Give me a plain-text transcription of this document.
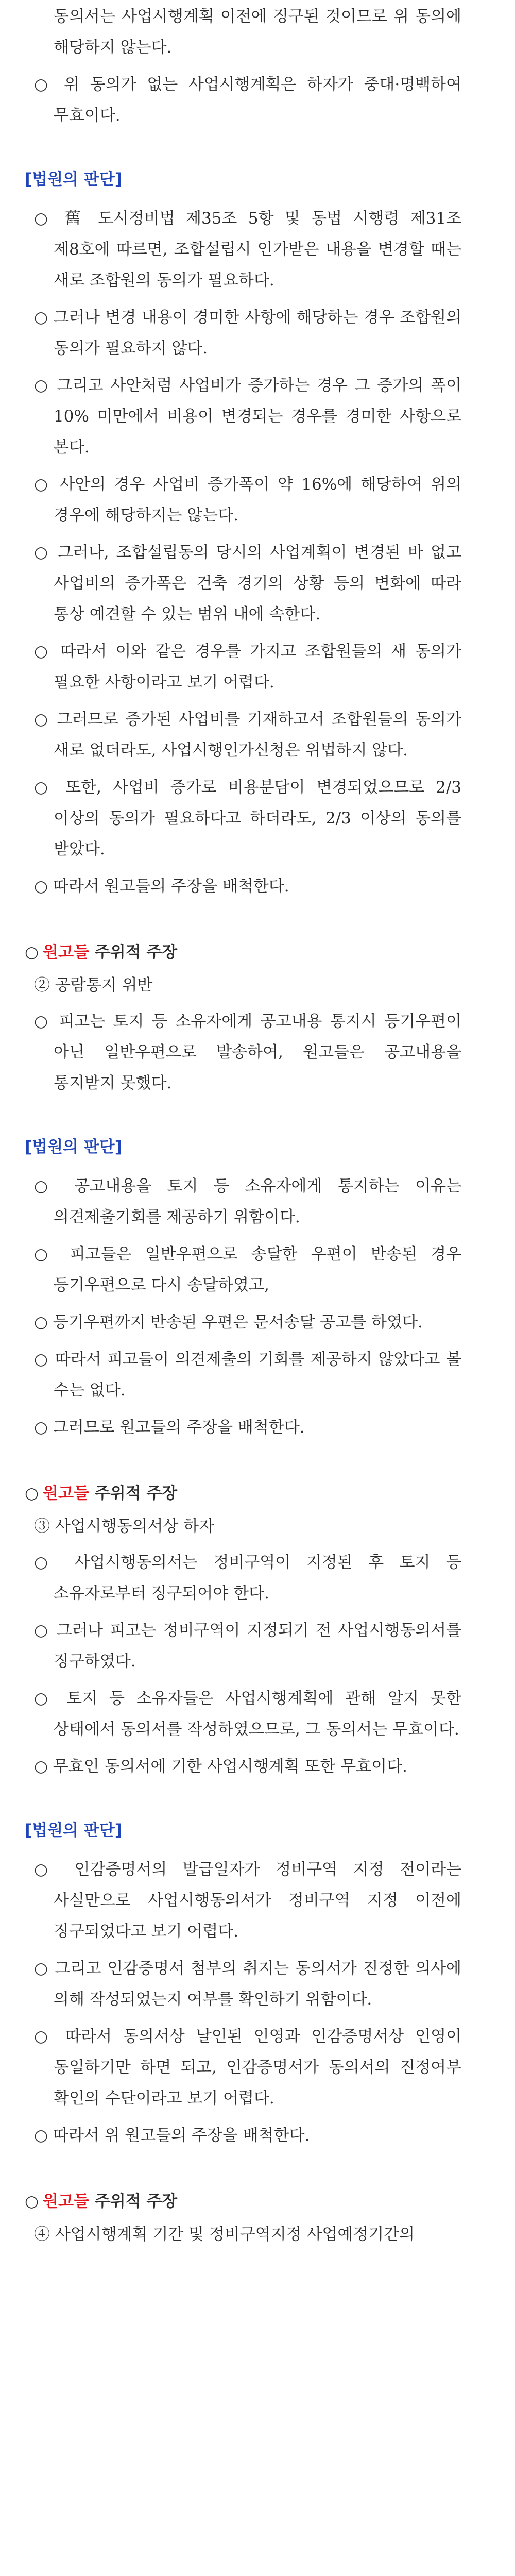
동의서는 사업시행계획 이전에 징구된 것이므로 위 동의에 해당하지 않는다.
○ 위 동의가 없는 사업시행계획은 하자가 중대·명백하여 무효이다.
[법원의 판단]
○ 舊 도시정비법 제35조 5항 및 동법 시행령 제31조 제8호에 따르면, 조합설립시 인가받은 내용을 변경할 때는 새로 조합원의 동의가 필요하다.
○ 그러나 변경 내용이 경미한 사항에 해당하는 경우 조합원의 동의가 필요하지 않다.
○ 그리고 사안처럼 사업비가 증가하는 경우 그 증가의 폭이 10% 미만에서 비용이 변경되는 경우를 경미한 사항으로 본다.
○ 사안의 경우 사업비 증가폭이 약 16%에 해당하여 위의 경우에 해당하지는 않는다.
○ 그러나, 조합설립동의 당시의 사업계획이 변경된 바 없고 사업비의 증가폭은 건축 경기의 상황 등의 변화에 따라 통상 예견할 수 있는 범위 내에 속한다.
○ 따라서 이와 같은 경우를 가지고 조합원들의 새 동의가 필요한 사항이라고 보기 어렵다.
○ 그러므로 증가된 사업비를 기재하고서 조합원들의 동의가 새로 없더라도, 사업시행인가신청은 위법하지 않다.
○ 또한, 사업비 증가로 비용분담이 변경되었으므로 2/3 이상의 동의가 필요하다고 하더라도, 2/3 이상의 동의를 받았다.
○ 따라서 원고들의 주장을 배척한다.
○ 원고들 주위적 주장
② 공람통지 위반
○ 피고는 토지 등 소유자에게 공고내용 통지시 등기우편이 아닌 일반우편으로 발송하여, 원고들은 공고내용을 통지받지 못했다.
[법원의 판단]
○ 공고내용을 토지 등 소유자에게 통지하는 이유는 의견제출기회를 제공하기 위함이다.
○ 피고들은 일반우편으로 송달한 우편이 반송된 경우 등기우편으로 다시 송달하였고,
○ 등기우편까지 반송된 우편은 문서송달 공고를 하였다.
○ 따라서 피고들이 의견제출의 기회를 제공하지 않았다고 볼 수는 없다.
○ 그러므로 원고들의 주장을 배척한다.
○ 원고들 주위적 주장
③ 사업시행동의서상 하자
○ 사업시행동의서는 정비구역이 지정된 후 토지 등 소유자로부터 징구되어야 한다.
○ 그러나 피고는 정비구역이 지정되기 전 사업시행동의서를 징구하였다.
○ 토지 등 소유자들은 사업시행계획에 관해 알지 못한 상태에서 동의서를 작성하였으므로, 그 동의서는 무효이다.
○ 무효인 동의서에 기한 사업시행계획 또한 무효이다.
[법원의 판단]
○ 인감증명서의 발급일자가 정비구역 지정 전이라는 사실만으로 사업시행동의서가 정비구역 지정 이전에 징구되었다고 보기 어렵다.
○ 그리고 인감증명서 첨부의 취지는 동의서가 진정한 의사에 의해 작성되었는지 여부를 확인하기 위함이다.
○ 따라서 동의서상 날인된 인영과 인감증명서상 인영이 동일하기만 하면 되고, 인감증명서가 동의서의 진정여부 확인의 수단이라고 보기 어렵다.
○ 따라서 위 원고들의 주장을 배척한다.
○ 원고들 주위적 주장
④ 사업시행계획 기간 및 정비구역지정 사업예정기간의
